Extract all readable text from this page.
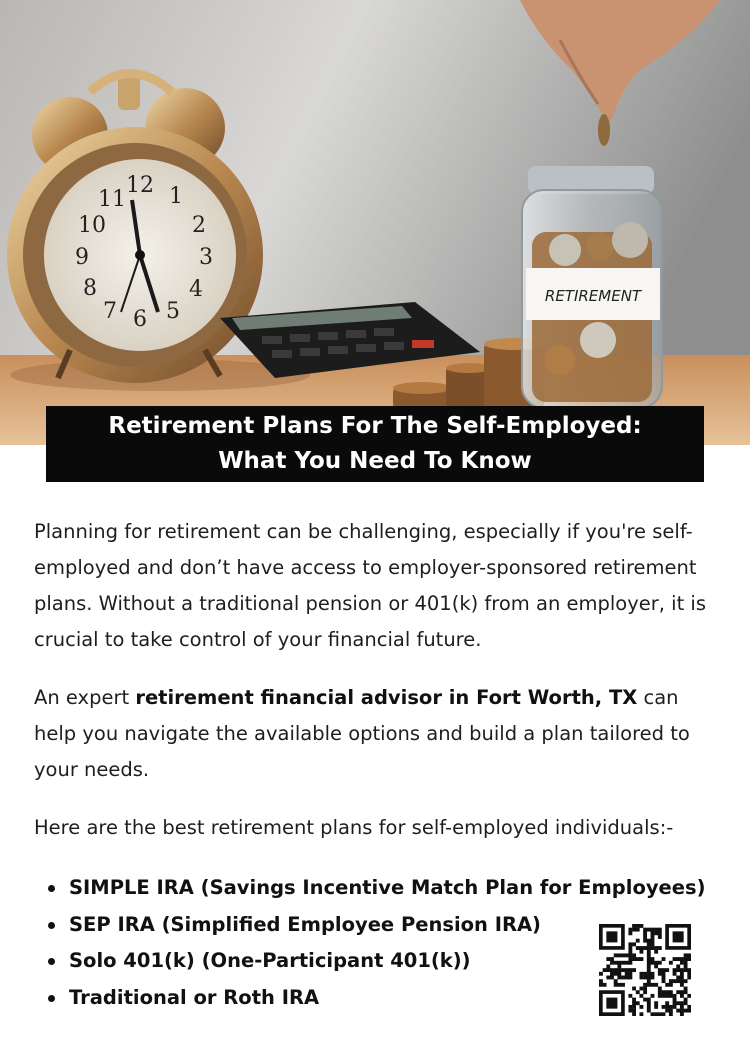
12 1
2
3
4
5
6
7
8
9
10
11
RETIREMENT
Retirement Plans For The Self-Employed: What You Need To Know

Planning for retirement can be challenging, especially if you're self-employed and don’t have access to employer-sponsored retirement plans. Without a traditional pension or 401(k) from an employer, it is crucial to take control of your financial future.

An expert retirement financial advisor in Fort Worth, TX can help you navigate the available options and build a plan tailored to your needs.

Here are the best retirement plans for self-employed individuals:-

SIMPLE IRA (Savings Incentive Match Plan for Employees)
SEP IRA (Simplified Employee Pension IRA)
Solo 401(k) (One-Participant 401(k))
Traditional or Roth IRA
